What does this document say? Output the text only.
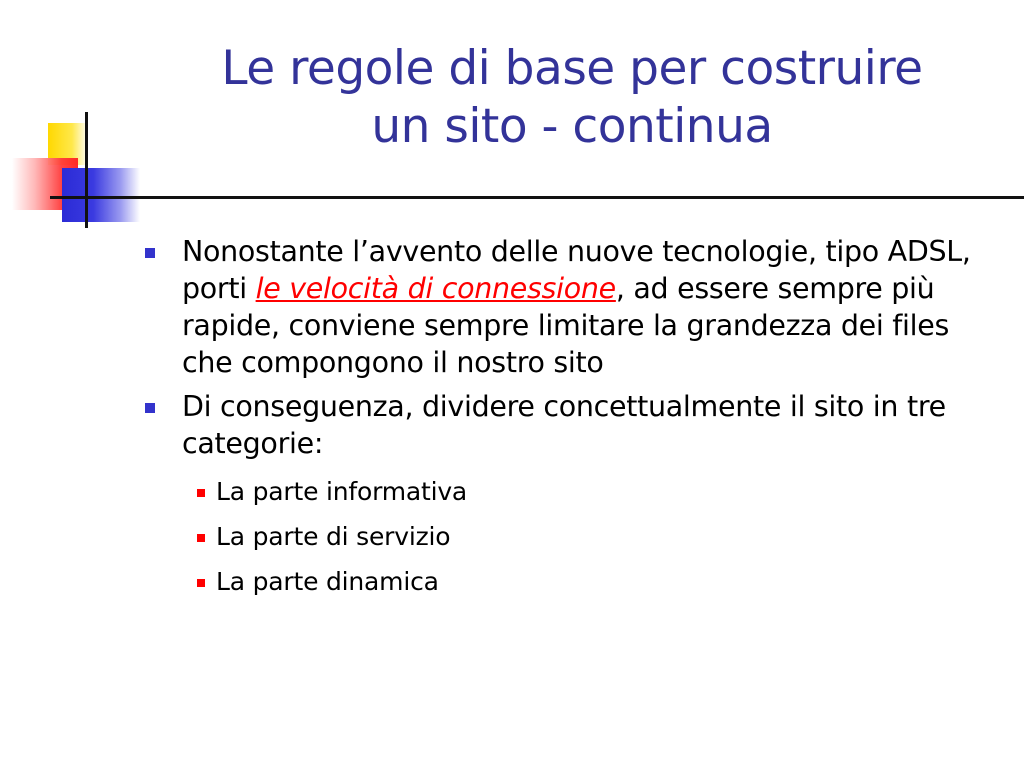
Le regole di base per costruire
un sito - continua
Nonostante l’avvento delle nuove tecnologie, tipo ADSL, porti le velocità di connessione, ad essere sempre più rapide, conviene sempre limitare la grandezza dei files che compongono il nostro sito
Di conseguenza, dividere concettualmente il sito in tre categorie:
La parte informativa
La parte di servizio
La parte dinamica
